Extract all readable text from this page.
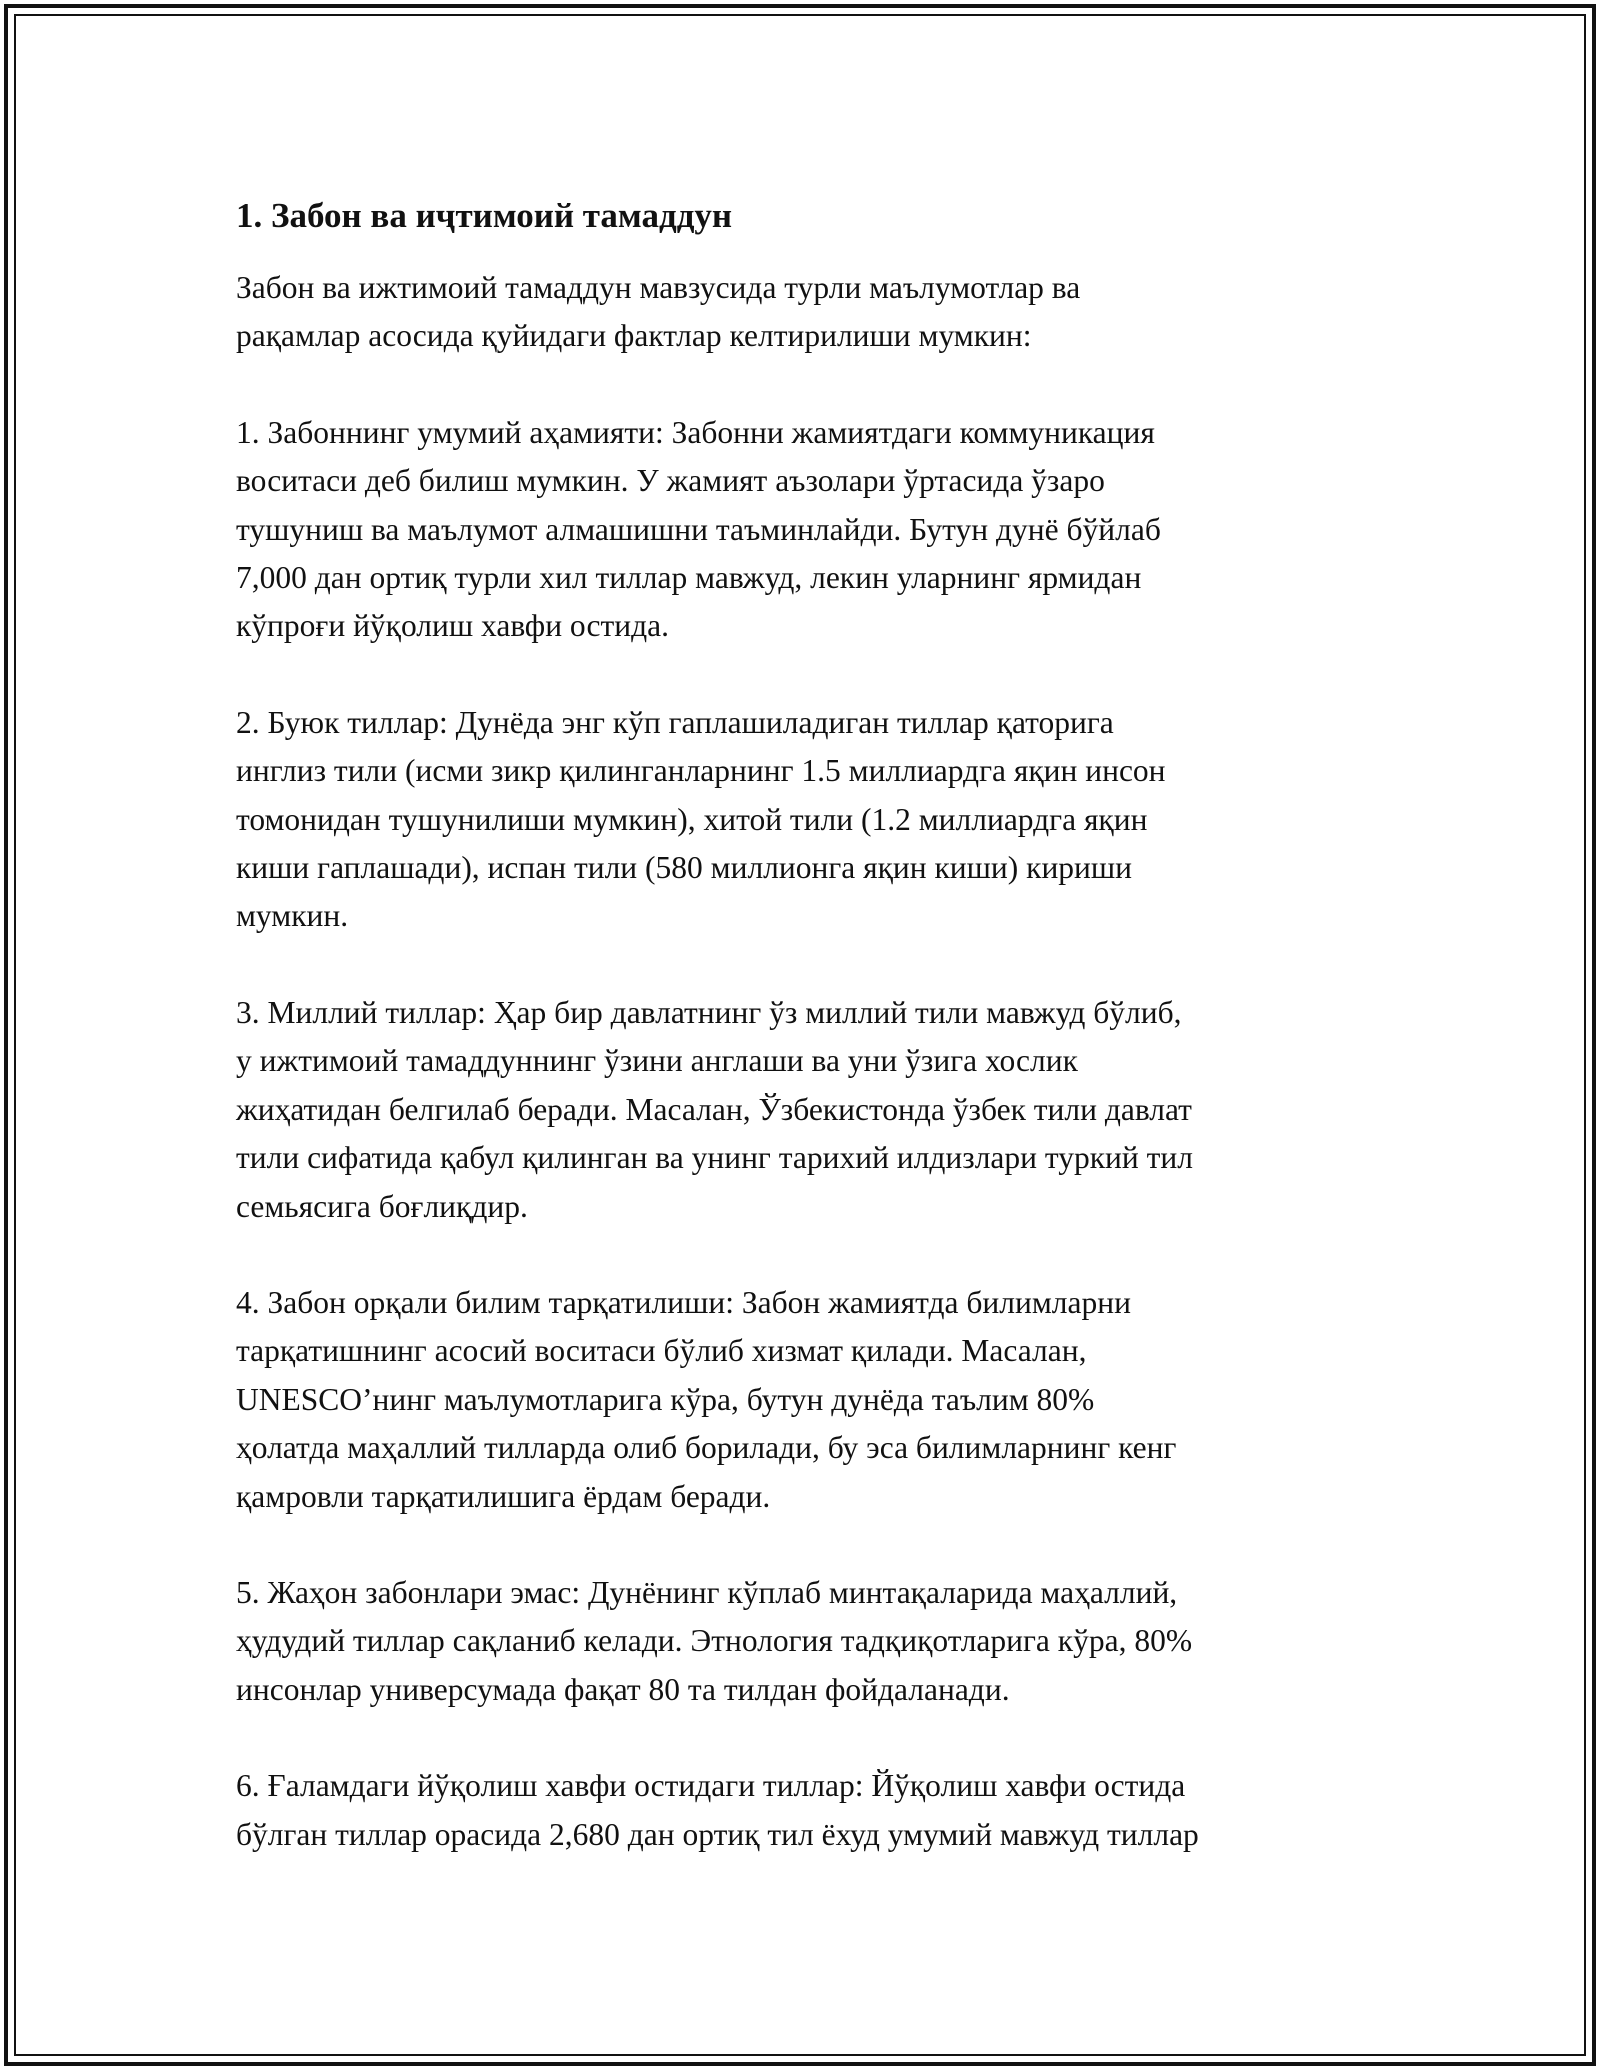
1. Забон ва иҷтимоий тамаддун

Забон ва ижтимоий тамаддун мавзусида турли маълумотлар ва
рақамлар асосида қуйидаги фактлар келтирилиши мумкин:

1. Забоннинг умумий аҳамияти: Забонни жамиятдаги коммуникация
воситаси деб билиш мумкин. У жамият аъзолари ўртасида ўзаро
тушуниш ва маълумот алмашишни таъминлайди. Бутун дунё бўйлаб
7,000 дан ортиқ турли хил тиллар мавжуд, лекин уларнинг ярмидан
кўпроғи йўқолиш хавфи остида.

2. Буюк тиллар: Дунёда энг кўп гаплашиладиган тиллар қаторига
инглиз тили (исми зикр қилинганларнинг 1.5 миллиардга яқин инсон
томонидан тушунилиши мумкин), хитой тили (1.2 миллиардга яқин
киши гаплашади), испан тили (580 миллионга яқин киши) кириши
мумкин.

3. Миллий тиллар: Ҳар бир давлатнинг ўз миллий тили мавжуд бўлиб,
у ижтимоий тамаддуннинг ўзини англаши ва уни ўзига хослик
жиҳатидан белгилаб беради. Масалан, Ўзбекистонда ўзбек тили давлат
тили сифатида қабул қилинган ва унинг тарихий илдизлари туркий тил
семьясига боғлиқдир.

4. Забон орқали билим тарқатилиши: Забон жамиятда билимларни
тарқатишнинг асосий воситаси бўлиб хизмат қилади. Масалан,
UNESCO’нинг маълумотларига кўра, бутун дунёда таълим 80%
ҳолатда маҳаллий тилларда олиб борилади, бу эса билимларнинг кенг
қамровли тарқатилишига ёрдам беради.

5. Жаҳон забонлари эмас: Дунёнинг кўплаб минтақаларида маҳаллий,
ҳудудий тиллар сақланиб келади. Этнология тадқиқотларига кўра, 80%
инсонлар универсумада фақат 80 та тилдан фойдаланади.

6. Ғаламдаги йўқолиш хавфи остидаги тиллар: Йўқолиш хавфи остида
бўлган тиллар орасида 2,680 дан ортиқ тил ёхуд умумий мавжуд тиллар
